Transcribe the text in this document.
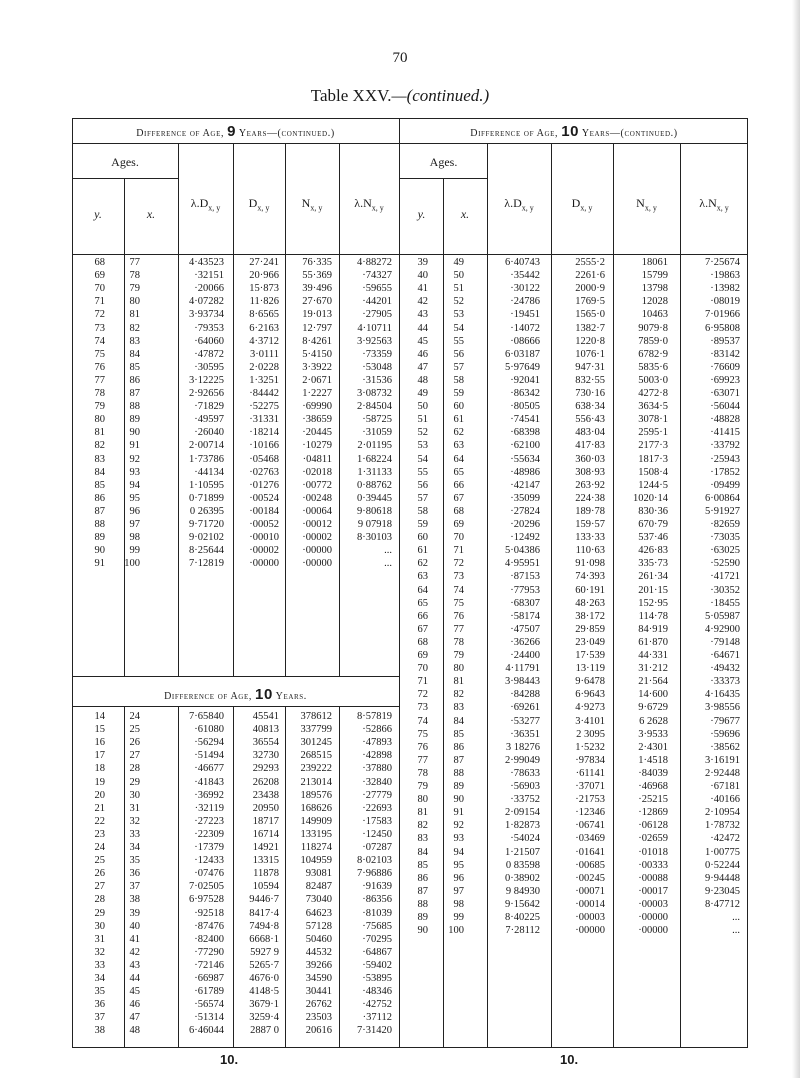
70
Table XXV.—(continued.)
Difference of Age, 9 Years—(continued.)	Difference of Age, 10 Years—(continued.)
Ages.
y.	x.
$\lambda.D_{x, y}$	$D_{x, y}$	$N_{x, y}$	$\lambda.N_{x, y}$
Ages.
y.	x.
$\lambda.D_{x, y}$	$D_{x, y}$	$N_{x, y}$	$\lambda.N_{x, y}$
Difference of Age, 10 Years.
68	77	4·43523	27·241	76·335	4·88272
69	78	·32151	20·966	55·369	·74327
70	79	·20066	15·873	39·496	·59655
71	80	4·07282	11·826	27·670	·44201
72	81	3·93734	8·6565	19·013	·27905
73	82	·79353	6·2163	12·797	4·10711
74	83	·64060	4·3712	8·4261	3·92563
75	84	·47872	3·0111	5·4150	·73359
76	85	·30595	2·0228	3·3922	·53048
77	86	3·12225	1·3251	2·0671	·31536
78	87	2·92656	·84442	1·2227	3·08732
79	88	·71829	·52275	·69990	2·84504
80	89	·49597	·31331	·38659	·58725
81	90	·26040	·18214	·20445	·31059
82	91	2·00714	·10166	·10279	2·01195
83	92	1·73786	·05468	·04811	1·68224
84	93	·44134	·02763	·02018	1·31133
85	94	1·10595	·01276	·00772	0·88762
86	95	0·71899	·00524	·00248	0·39445
87	96	0 26395	·00184	·00064	9·80618
88	97	9·71720	·00052	·00012	9 07918
89	98	9·02102	·00010	·00002	8·30103
90	99	8·25644	·00002	·00000	...
91 100	7·12819	·00000	·00000	...
14	24	7·65840	45541	378612	8·57819
15	25	·61080	40813	337799	·52866
16	26	·56294	36554	301245	·47893
17	27	·51494	32730	268515	·42898
18	28	·46677	29293	239222	·37880
19	29	·41843	26208	213014	·32840
20	30	·36992	23438	189576	·27779
21	31	·32119	20950	168626	·22693
22	32	·27223	18717	149909	·17583
23	33	·22309	16714	133195	·12450
24	34	·17379	14921	118274	·07287
25	35	·12433	13315	104959	8·02103
26	36	·07476	11878	93081	7·96886
27	37	7·02505	10594	82487	·91639
28	38	6·97528	9446·7	73040	·86356
29	39	·92518	8417·4	64623	·81039
30	40	·87476	7494·8	57128	·75685
31	41	·82400	6668·1	50460	·70295
32	42	·77290	5927 9	44532	·64867
33	43	·72146	5265·7	39266	·59402
34	44	·66987	4676·0	34590	·53895
35	45	·61789	4148·5	30441	·48346
36	46	·56574	3679·1	26762	·42752
37	47	·51314	3259·4	23503	·37112
38	48	6·46044	2887 0	20616	7·31420
39	49	6·40743	2555·2	18061	7·25674
40	50	·35442	2261·6	15799	·19863
41	51	·30122	2000·9	13798	·13982
42	52	·24786	1769·5	12028	·08019
43	53	·19451	1565·0	10463	7·01966
44	54	·14072	1382·7	9079·8	6·95808
45	55	·08666	1220·8	7859·0	·89537
46	56	6·03187	1076·1	6782·9	·83142
47	57	5·97649	947·31	5835·6	·76609
48	58	·92041	832·55	5003·0	·69923
49	59	·86342	730·16	4272·8	·63071
50	60	·80505	638·34	3634·5	·56044
51	61	·74541	556·43	3078·1	·48828
52	62	·68398	483·04	2595·1	·41415
53	63	·62100	417·83	2177·3	·33792
54	64	·55634	360·03	1817·3	·25943
55	65	·48986	308·93	1508·4	·17852
56	66	·42147	263·92	1244·5	·09499
57	67	·35099	224·38	1020·14	6·00864
58	68	·27824	189·78	830·36	5·91927
59	69	·20296	159·57	670·79	·82659
60	70	·12492	133·33	537·46	·73035
61	71	5·04386	110·63	426·83	·63025
62	72	4·95951	91·098	335·73	·52590
63	73	·87153	74·393	261·34	·41721
64	74	·77953	60·191	201·15	·30352
65	75	·68307	48·263	152·95	·18455
66	76	·58174	38·172	114·78	5·05987
67	77	·47507	29·859	84·919	4·92900
68	78	·36266	23·049	61·870	·79148
69	79	·24400	17·539	44·331	·64671
70	80	4·11791	13·119	31·212	·49432
71	81	3·98443	9·6478	21·564	·33373
72	82	·84288	6·9643	14·600	4·16435
73	83	·69261	4·9273	9·6729	3·98556
74	84	·53277	3·4101	6 2628	·79677
75	85	·36351	2 3095	3·9533	·59696
76	86	3 18276	1·5232	2·4301	·38562
77	87	2·99049	·97834	1·4518	3·16191
78	88	·78633	·61141	·84039	2·92448
79	89	·56903	·37071	·46968	·67181
80	90	·33752	·21753	·25215	·40166
81	91	2·09154	·12346	·12869	2·10954
82	92	1·82873	·06741	·06128	1·78732
83	93	·54024	·03469	·02659	·42472
84	94	1·21507	·01641	·01018	1·00775
85	95	0 83598	·00685	·00333	0·52244
86	96	0·38902	·00245	·00088	9·94448
87	97	9 84930	·00071	·00017	9·23045
88	98	9·15642	·00014	·00003	8·47712
89	99	8·40225	·00003	·00000	...
90	100	7·28112	·00000	·00000	...
10.	10.
